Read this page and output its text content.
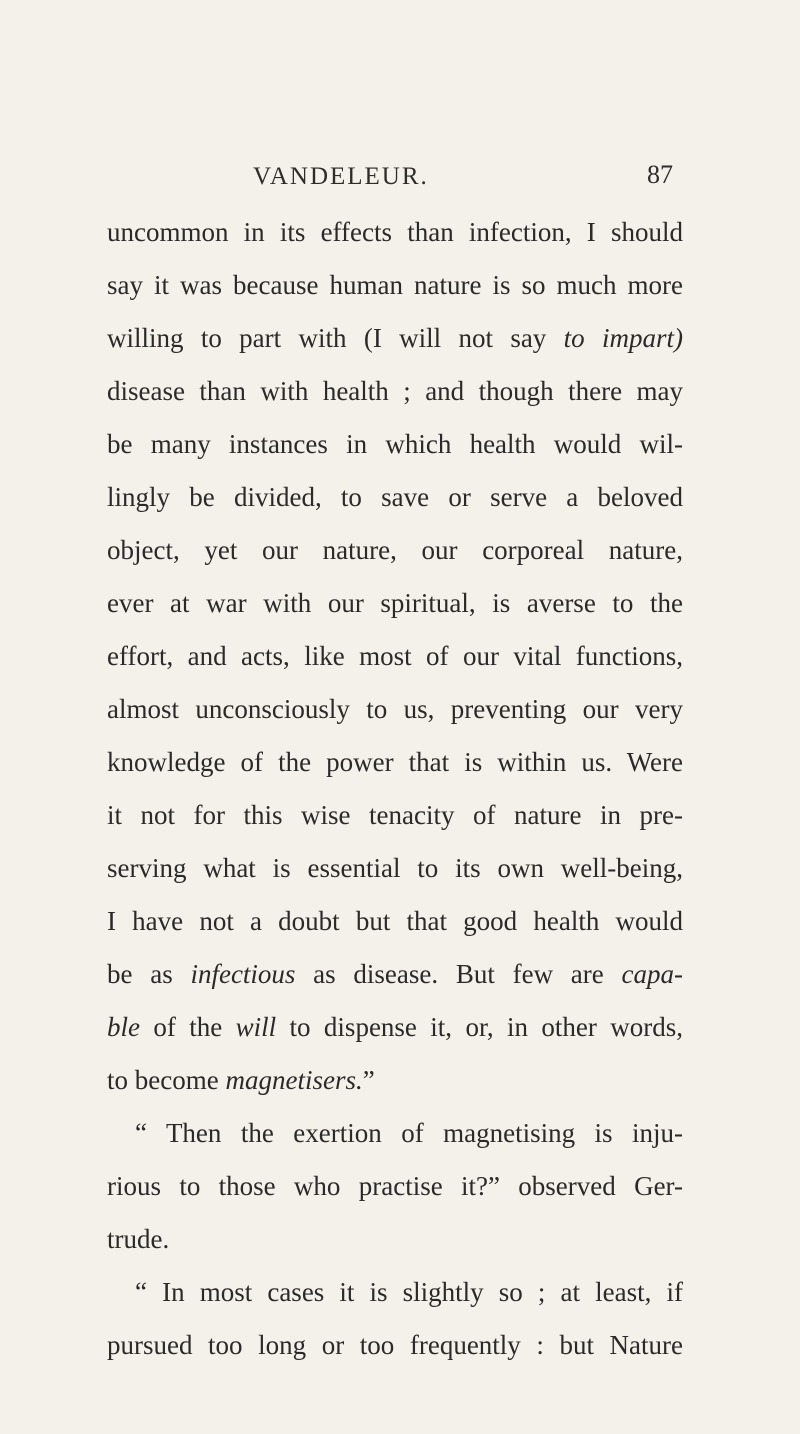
VANDELEUR.	87
uncommon in its effects than infection, I should
say it was because human nature is so much more
willing to part with (I will not say to impart)
disease than with health ; and though there may
be many instances in which health would wil-
lingly be divided, to save or serve a beloved
object, yet our nature, our corporeal nature,
ever at war with our spiritual, is averse to the
effort, and acts, like most of our vital functions,
almost unconsciously to us, preventing our very
knowledge of the power that is within us. Were
it not for this wise tenacity of nature in pre-
serving what is essential to its own well-being,
I have not a doubt but that good health would
be as infectious as disease. But few are capa-
ble of the will to dispense it, or, in other words,
to become magnetisers.”
“ Then the exertion of magnetising is inju-
rious to those who practise it?” observed Ger-
trude.
“ In most cases it is slightly so ; at least, if
pursued too long or too frequently : but Nature
